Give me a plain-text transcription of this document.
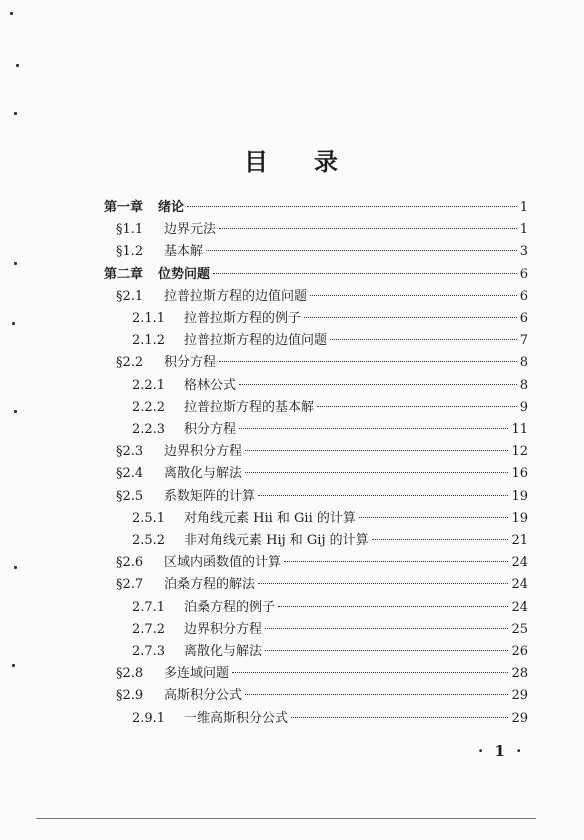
目 录
第一章	绪论	1
§1.1	边界元法	1
§1.2	基本解	3
第二章	位势问题	6
§2.1	拉普拉斯方程的边值问题	6
2.1.1	拉普拉斯方程的例子	6
2.1.2	拉普拉斯方程的边值问题	7
§2.2	积分方程	8
2.2.1	格林公式	8
2.2.2	拉普拉斯方程的基本解	9
2.2.3	积分方程	11
§2.3	边界积分方程	12
§2.4	离散化与解法	16
§2.5	系数矩阵的计算	19
2.5.1	对角线元素 Hii 和 Gii 的计算	19
2.5.2	非对角线元素 Hij 和 Gij 的计算	21
§2.6	区域内函数值的计算	24
§2.7	泊桑方程的解法	24
2.7.1	泊桑方程的例子	24
2.7.2	边界积分方程	25
2.7.3	离散化与解法	26
§2.8	多连域问题	28
§2.9	高斯积分公式	29
2.9.1	一维高斯积分公式	29
· 1 ·
